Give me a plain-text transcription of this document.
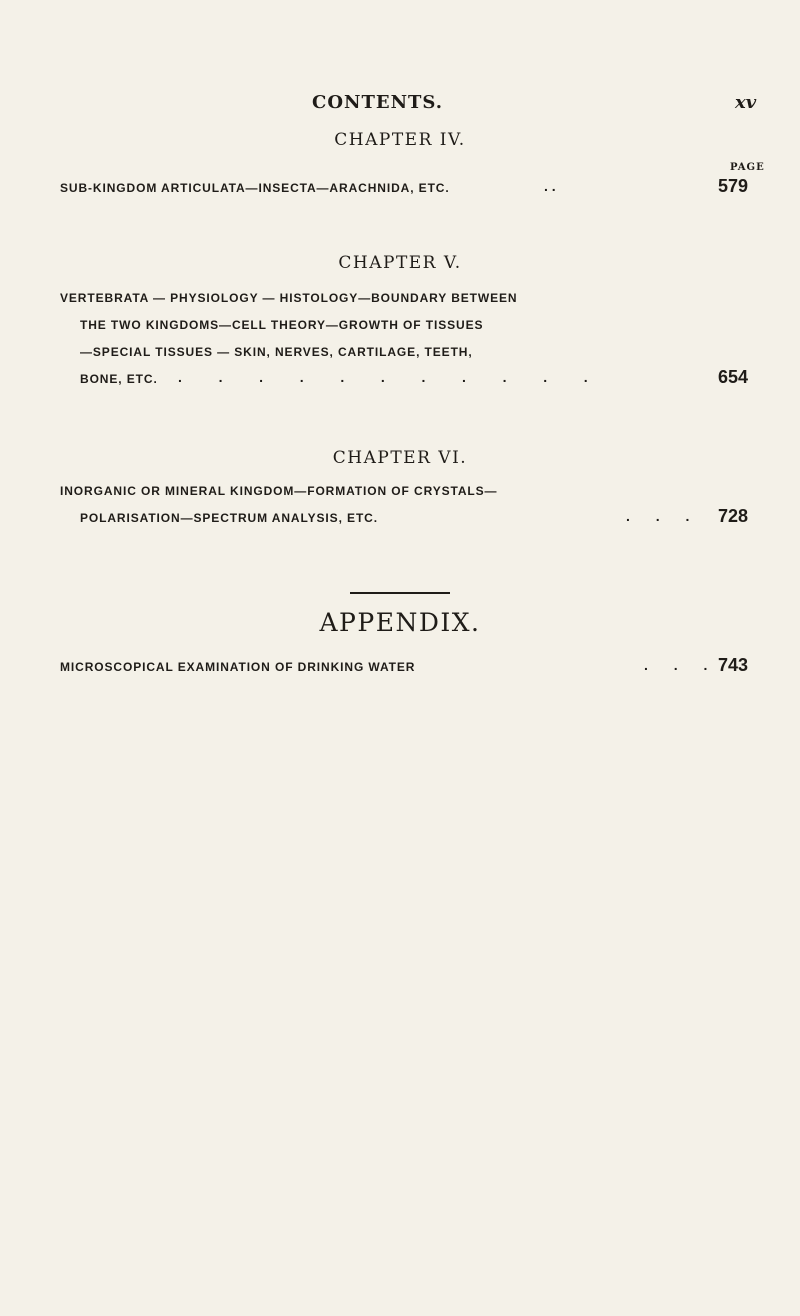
CONTENTS.	xv
CHAPTER IV.
PAGE
SUB-KINGDOM ARTICULATA—INSECTA—ARACHNIDA, ETC.	. .	579
CHAPTER V.
VERTEBRATA — PHYSIOLOGY — HISTOLOGY—BOUNDARY BETWEEN
THE TWO KINGDOMS—CELL THEORY—GROWTH OF TISSUES
—SPECIAL TISSUES — SKIN, NERVES, CARTILAGE, TEETH,
BONE, ETC. . . . . . . . . . . .	654
CHAPTER VI.
INORGANIC OR MINERAL KINGDOM—FORMATION OF CRYSTALS—
POLARISATION—SPECTRUM ANALYSIS, ETC.	. . . 728
APPENDIX.
MICROSCOPICAL EXAMINATION OF DRINKING WATER	. . . 743
